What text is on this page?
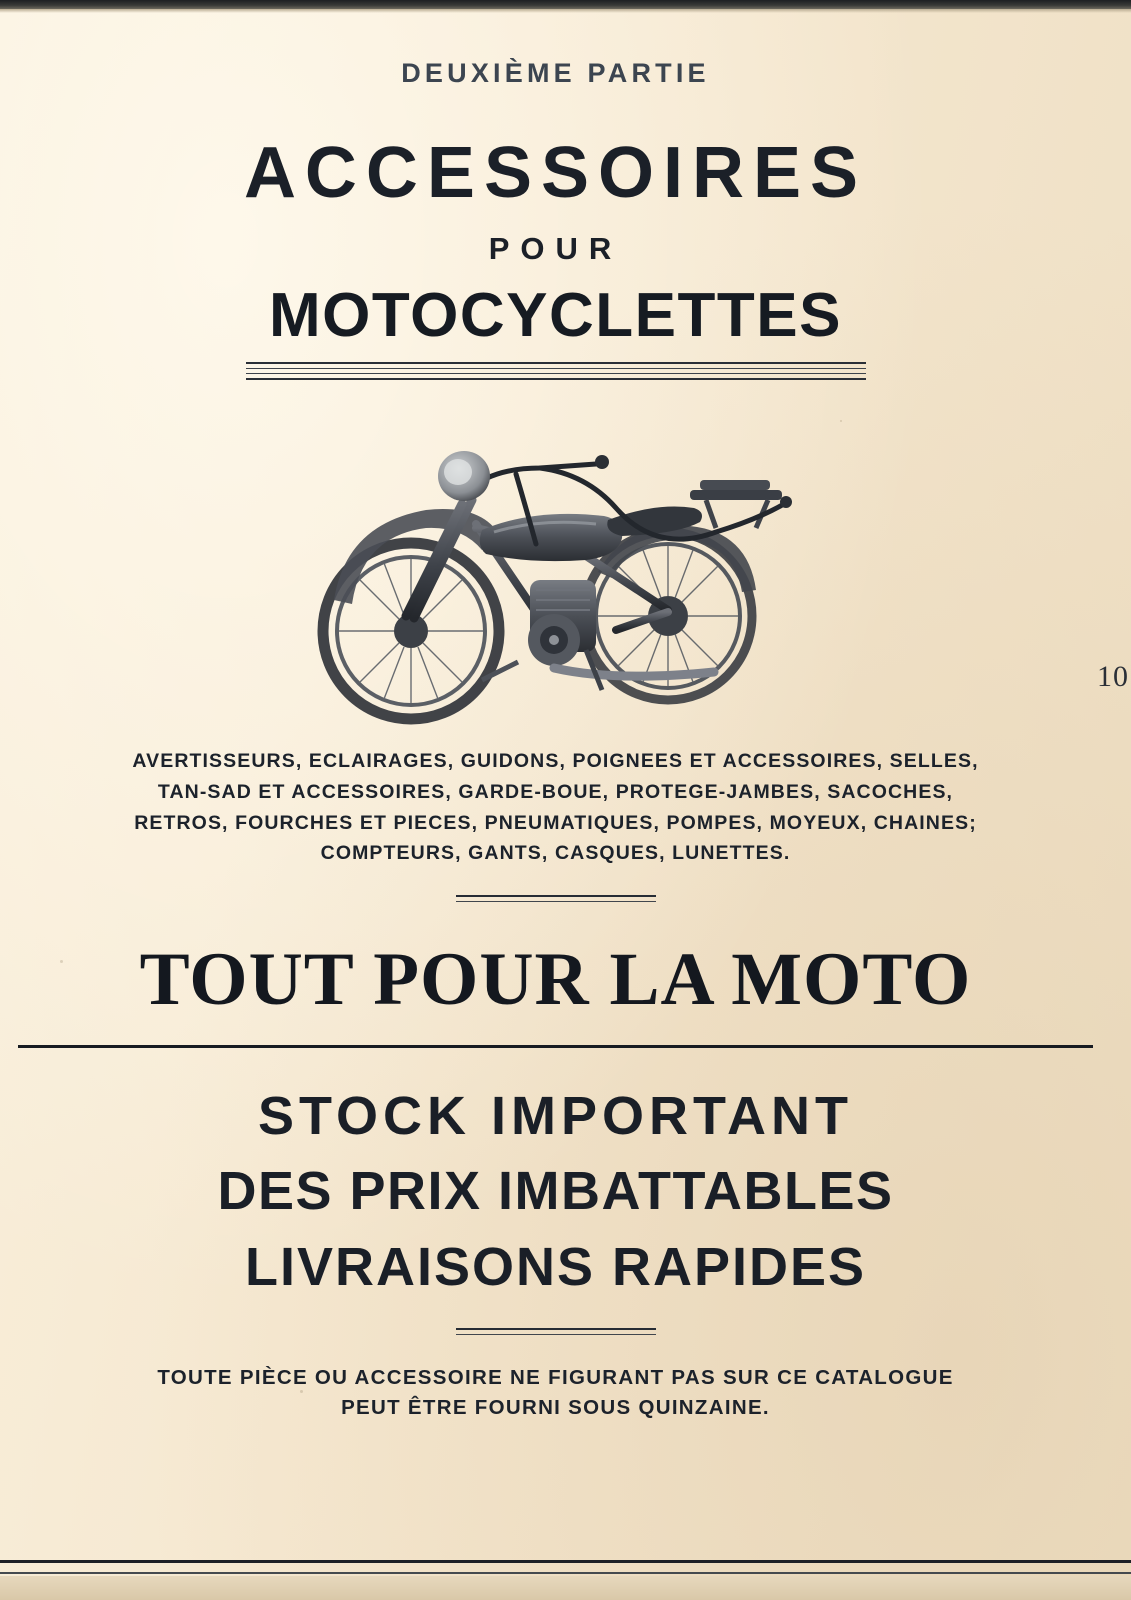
DEUXIÈME PARTIE
ACCESSOIRES
POUR
MOTOCYCLETTES
AVERTISSEURS, ECLAIRAGES, GUIDONS, POIGNEES ET ACCESSOIRES, SELLES,
TAN-SAD ET ACCESSOIRES, GARDE-BOUE, PROTEGE-JAMBES, SACOCHES,
RETROS, FOURCHES ET PIECES, PNEUMATIQUES, POMPES, MOYEUX, CHAINES;
COMPTEURS, GANTS, CASQUES, LUNETTES.
TOUT POUR LA MOTO
STOCK IMPORTANT
DES PRIX IMBATTABLES
LIVRAISONS RAPIDES
TOUTE PIÈCE OU ACCESSOIRE NE FIGURANT PAS SUR CE CATALOGUE
PEUT ÊTRE FOURNI SOUS QUINZAINE.
10
